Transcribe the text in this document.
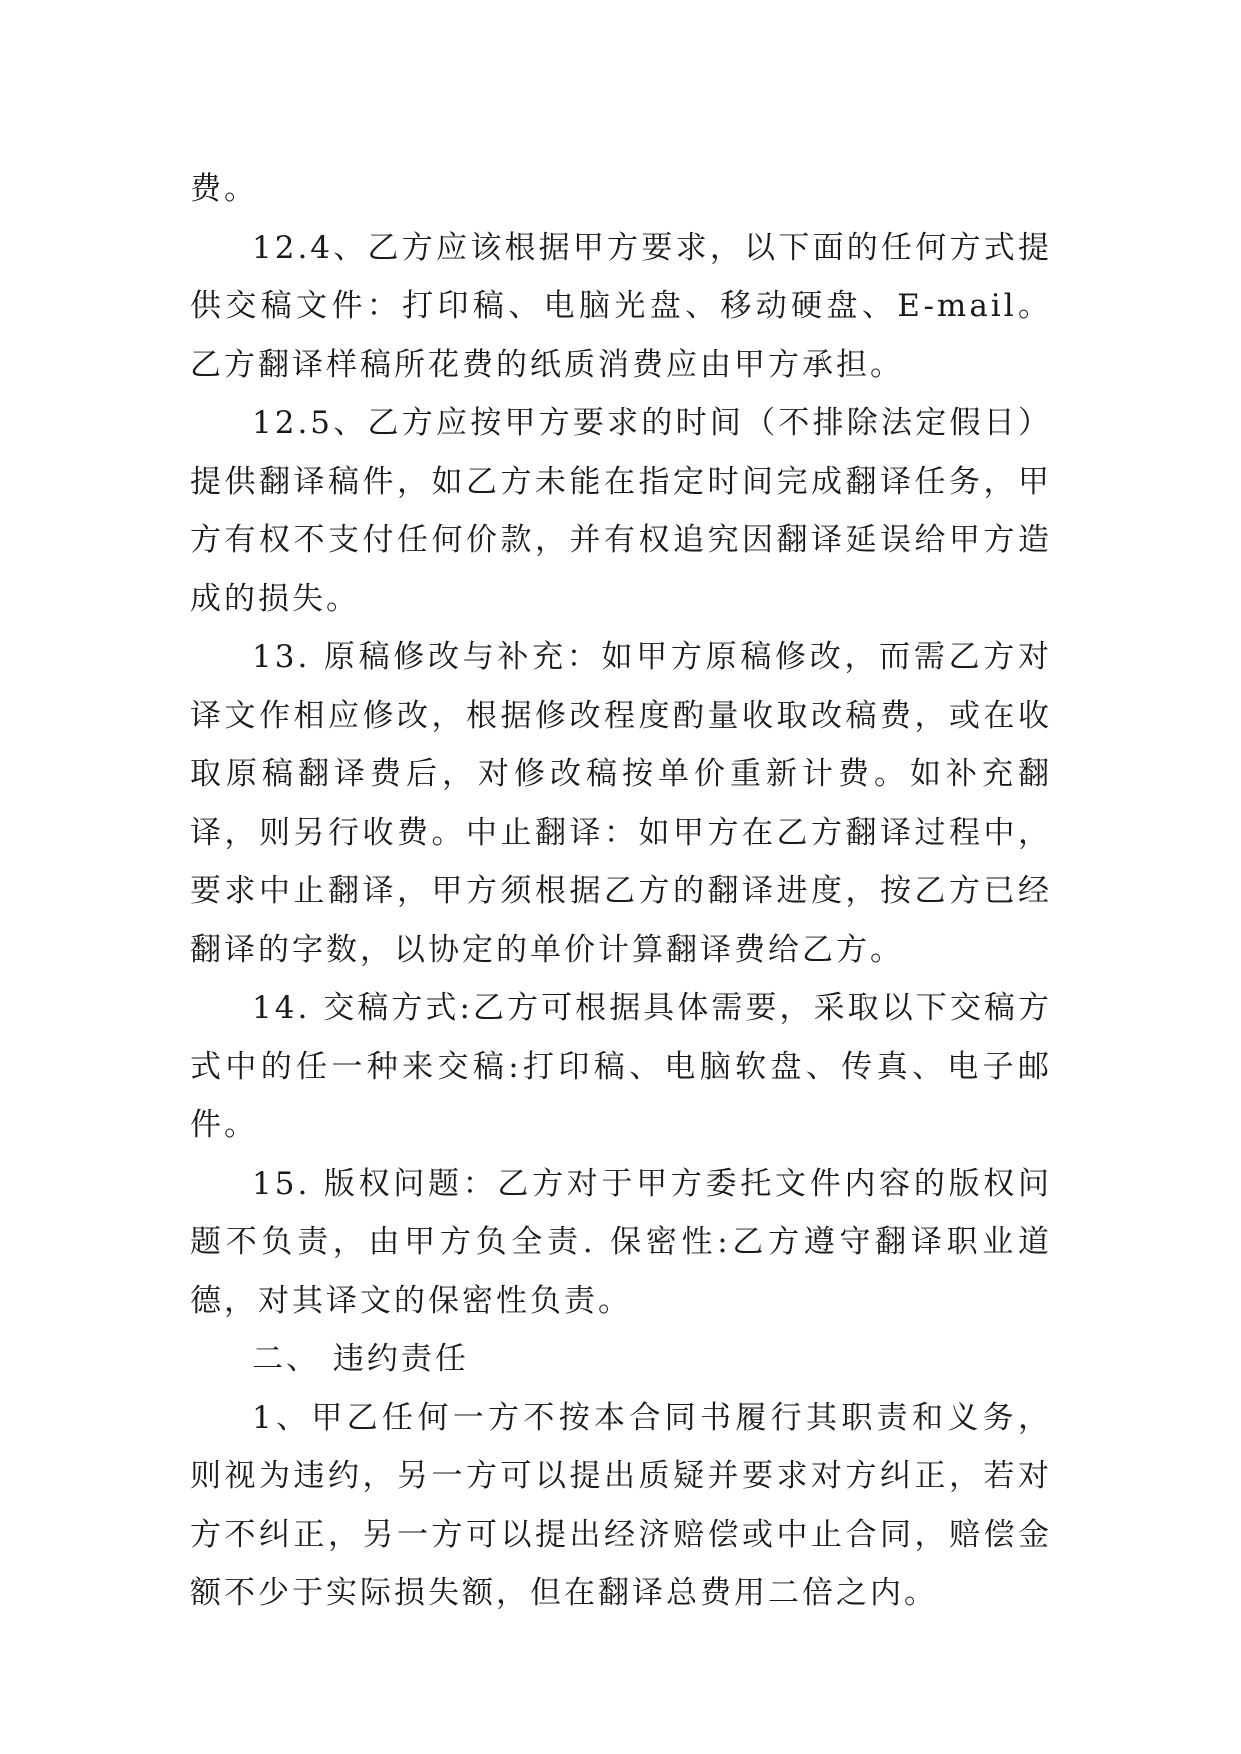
费。

12.4、乙方应该根据甲方要求，以下面的任何方式提供交稿文件：打印稿、电脑光盘、移动硬盘、E-mail。乙方翻译样稿所花费的纸质消费应由甲方承担。

12.5、乙方应按甲方要求的时间（不排除法定假日）提供翻译稿件，如乙方未能在指定时间完成翻译任务，甲方有权不支付任何价款，并有权追究因翻译延误给甲方造成的损失。

13. 原稿修改与补充：如甲方原稿修改，而需乙方对译文作相应修改，根据修改程度酌量收取改稿费，或在收取原稿翻译费后，对修改稿按单价重新计费。如补充翻译，则另行收费。中止翻译：如甲方在乙方翻译过程中，要求中止翻译，甲方须根据乙方的翻译进度，按乙方已经翻译的字数，以协定的单价计算翻译费给乙方。

14. 交稿方式:乙方可根据具体需要，采取以下交稿方式中的任一种来交稿:打印稿、电脑软盘、传真、电子邮件。

15. 版权问题：乙方对于甲方委托文件内容的版权问题不负责，由甲方负全责. 保密性:乙方遵守翻译职业道德，对其译文的保密性负责。

二、 违约责任

1、甲乙任何一方不按本合同书履行其职责和义务，则视为违约，另一方可以提出质疑并要求对方纠正，若对方不纠正，另一方可以提出经济赔偿或中止合同，赔偿金额不少于实际损失额，但在翻译总费用二倍之内。
